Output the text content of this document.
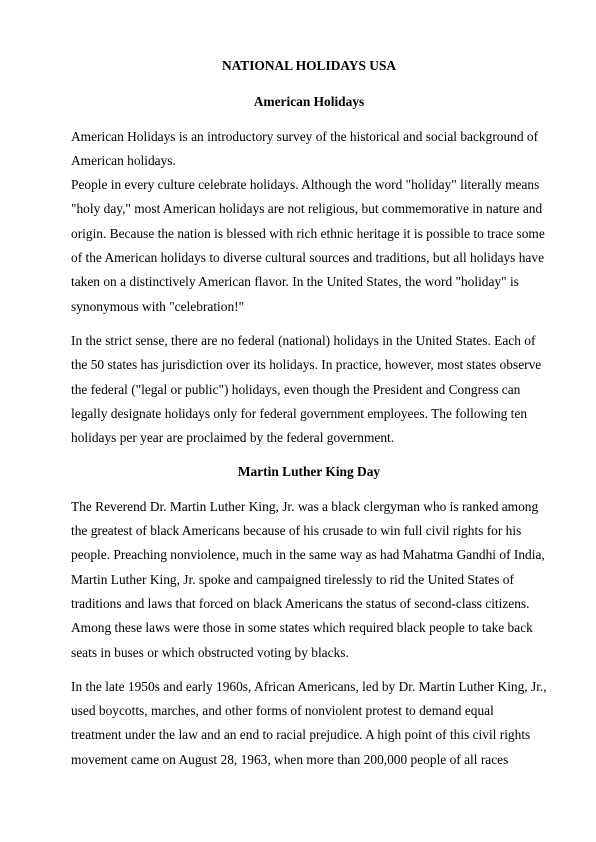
NATIONAL HOLIDAYS USA
American Holidays

American Holidays is an introductory survey of the historical and social background of American holidays.

People in every culture celebrate holidays. Although the word "holiday" literally means "holy day," most American holidays are not religious, but commemorative in nature and origin. Because the nation is blessed with rich ethnic heritage it is possible to trace some of the American holidays to diverse cultural sources and traditions, but all holidays have taken on a distinctively American flavor. In the United States, the word "holiday" is synonymous with "celebration!"

In the strict sense, there are no federal (national) holidays in the United States. Each of the 50 states has jurisdiction over its holidays. In practice, however, most states observe the federal ("legal or public") holidays, even though the President and Congress can legally designate holidays only for federal government employees. The following ten holidays per year are proclaimed by the federal government.

Martin Luther King Day

The Reverend Dr. Martin Luther King, Jr. was a black clergyman who is ranked among the greatest of black Americans because of his crusade to win full civil rights for his people. Preaching nonviolence, much in the same way as had Mahatma Gandhi of India, Martin Luther King, Jr. spoke and campaigned tirelessly to rid the United States of traditions and laws that forced on black Americans the status of second-class citizens. Among these laws were those in some states which required black people to take back seats in buses or which obstructed voting by blacks.

In the late 1950s and early 1960s, African Americans, led by Dr. Martin Luther King, Jr., used boycotts, marches, and other forms of nonviolent protest to demand equal treatment under the law and an end to racial prejudice. A high point of this civil rights movement came on August 28, 1963, when more than 200,000 people of all races
